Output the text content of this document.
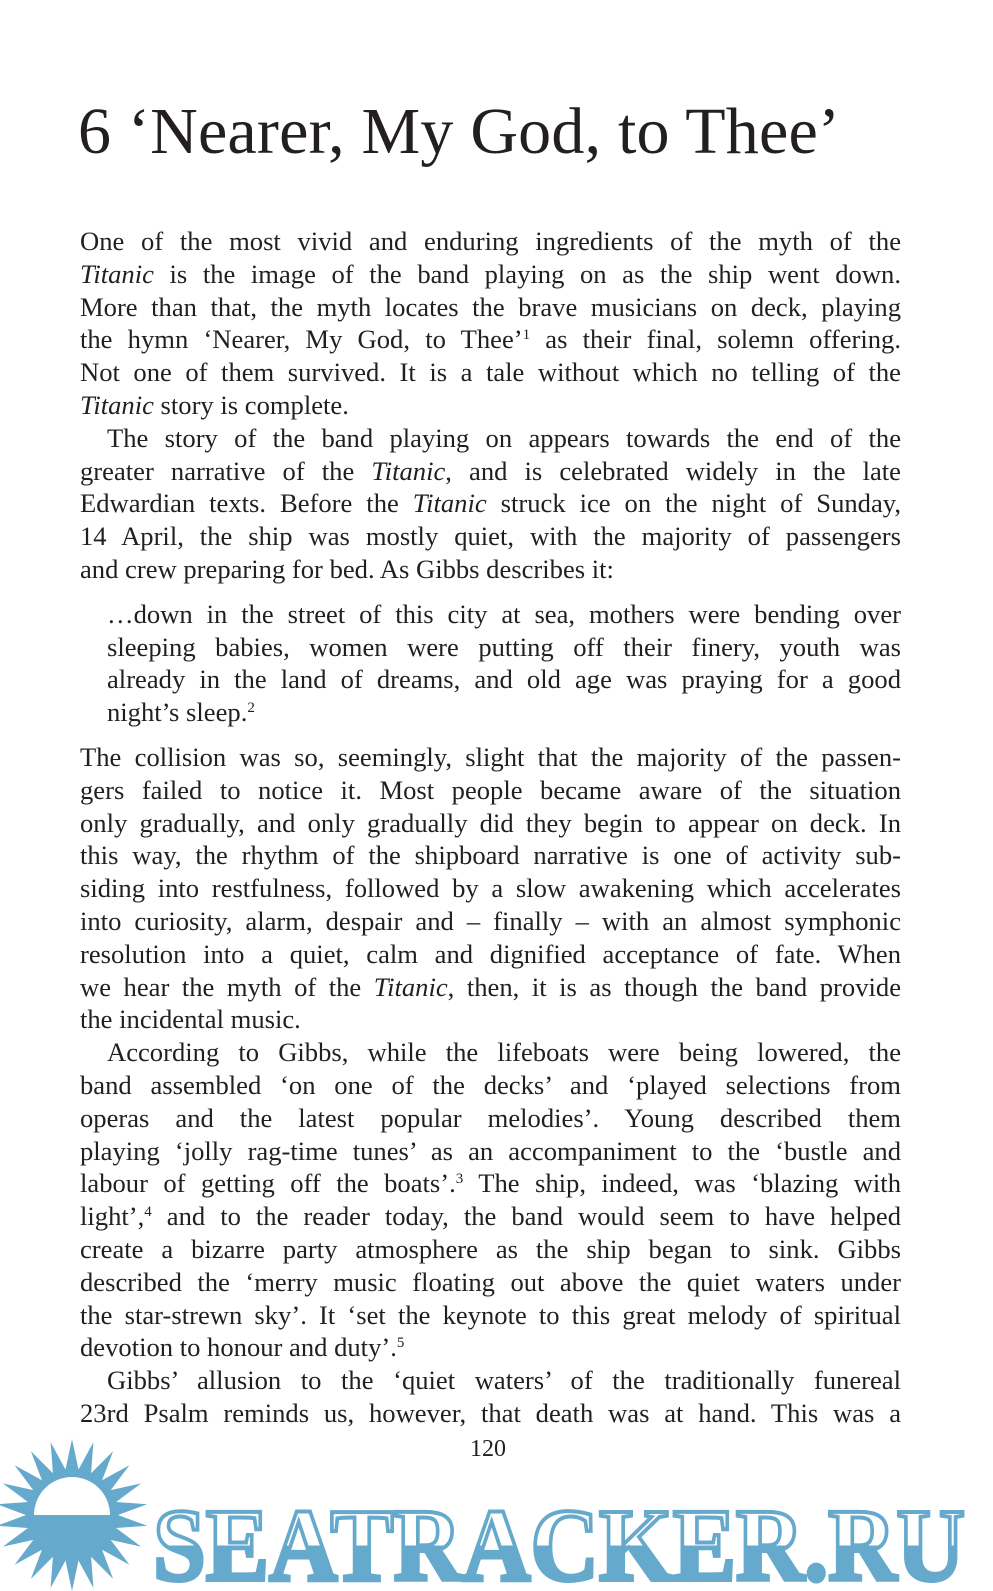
6 ‘Nearer, My God, to Thee’
One of the most vivid and enduring ingredients of the myth of the
Titanic is the image of the band playing on as the ship went down.
More than that, the myth locates the brave musicians on deck, playing
the hymn ‘Nearer, My God, to Thee’$^1$ as their final, solemn offering.
Not one of them survived. It is a tale without which no telling of the
Titanic story is complete.
The story of the band playing on appears towards the end of the
greater narrative of the Titanic, and is celebrated widely in the late
Edwardian texts. Before the Titanic struck ice on the night of Sunday,
14 April, the ship was mostly quiet, with the majority of passengers
and crew preparing for bed. As Gibbs describes it:
…down in the street of this city at sea, mothers were bending over
sleeping babies, women were putting off their finery, youth was
already in the land of dreams, and old age was praying for a good
night’s sleep.$^2$
The collision was so, seemingly, slight that the majority of the passen-
gers failed to notice it. Most people became aware of the situation
only gradually, and only gradually did they begin to appear on deck. In
this way, the rhythm of the shipboard narrative is one of activity sub-
siding into restfulness, followed by a slow awakening which accelerates
into curiosity, alarm, despair and – finally – with an almost symphonic
resolution into a quiet, calm and dignified acceptance of fate. When
we hear the myth of the Titanic, then, it is as though the band provide
the incidental music.
According to Gibbs, while the lifeboats were being lowered, the
band assembled ‘on one of the decks’ and ‘played selections from
operas and the latest popular melodies’. Young described them
playing ‘jolly rag-time tunes’ as an accompaniment to the ‘bustle and
labour of getting off the boats’.$^3$ The ship, indeed, was ‘blazing with
light’,$^4$ and to the reader today, the band would seem to have helped
create a bizarre party atmosphere as the ship began to sink. Gibbs
described the ‘merry music floating out above the quiet waters under
the star-strewn sky’. It ‘set the keynote to this great melody of spiritual
devotion to honour and duty’.$^5$
Gibbs’ allusion to the ‘quiet waters’ of the traditionally funereal
23rd Psalm reminds us, however, that death was at hand. This was a
120
SEATRACKER.RU
